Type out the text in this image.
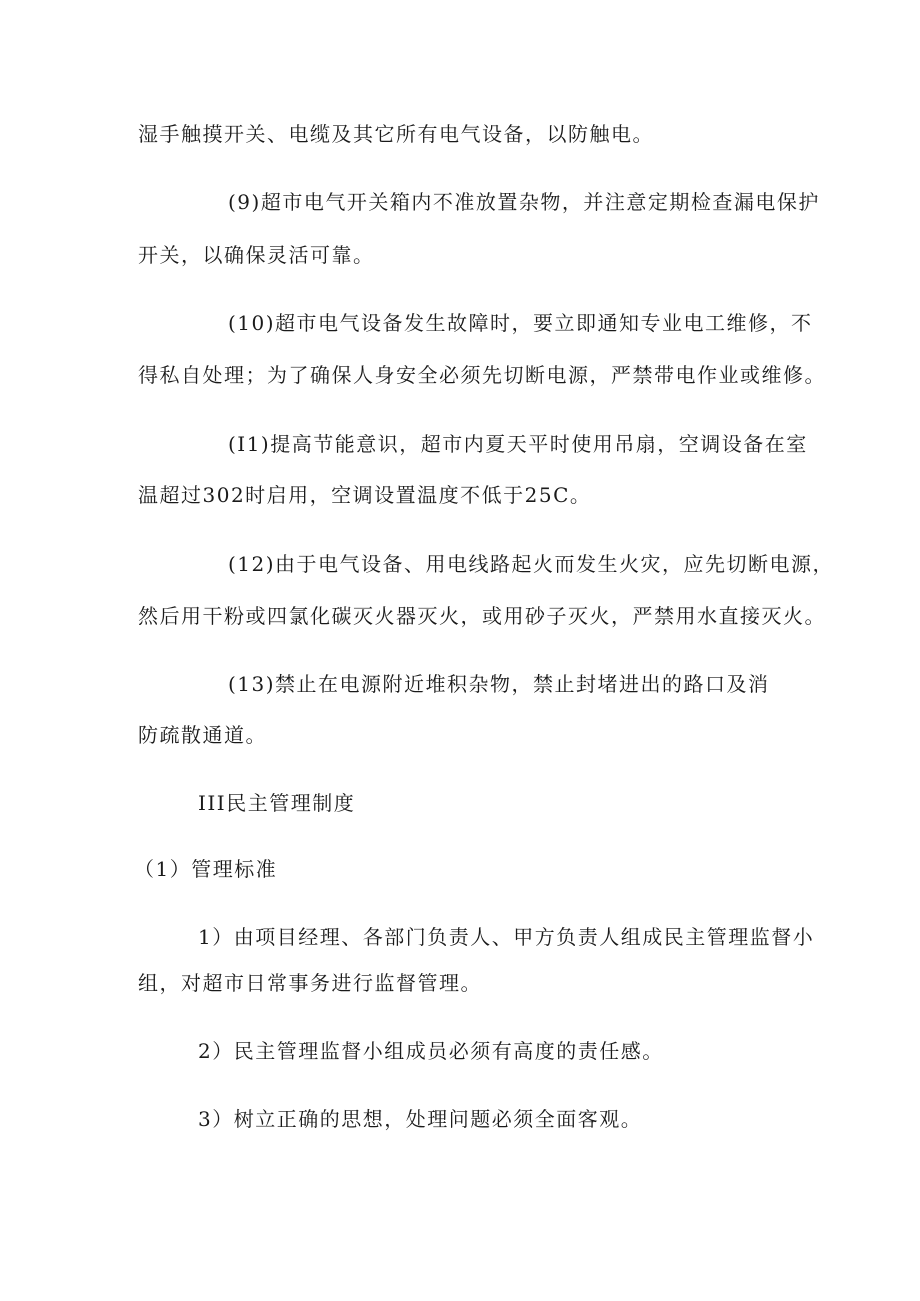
湿手触摸开关、电缆及其它所有电气设备，以防触电。

(9)超市电气开关箱内不准放置杂物，并注意定期检查漏电保护

开关，以确保灵活可靠。

(10)超市电气设备发生故障时，要立即通知专业电工维修，不

得私自处理；为了确保人身安全必须先切断电源，严禁带电作业或维修。

(I1)提高节能意识，超市内夏天平时使用吊扇，空调设备在室

温超过302时启用，空调设置温度不低于25C。

(12)由于电气设备、用电线路起火而发生火灾，应先切断电源，

然后用干粉或四氯化碳灭火器灭火，或用砂子灭火，严禁用水直接灭火。

(13)禁止在电源附近堆积杂物，禁止封堵进出的路口及消

防疏散通道。

III民主管理制度

（1）管理标准

1）由项目经理、各部门负责人、甲方负责人组成民主管理监督小

组，对超市日常事务进行监督管理。

2）民主管理监督小组成员必须有高度的责任感。

3）树立正确的思想，处理问题必须全面客观。
